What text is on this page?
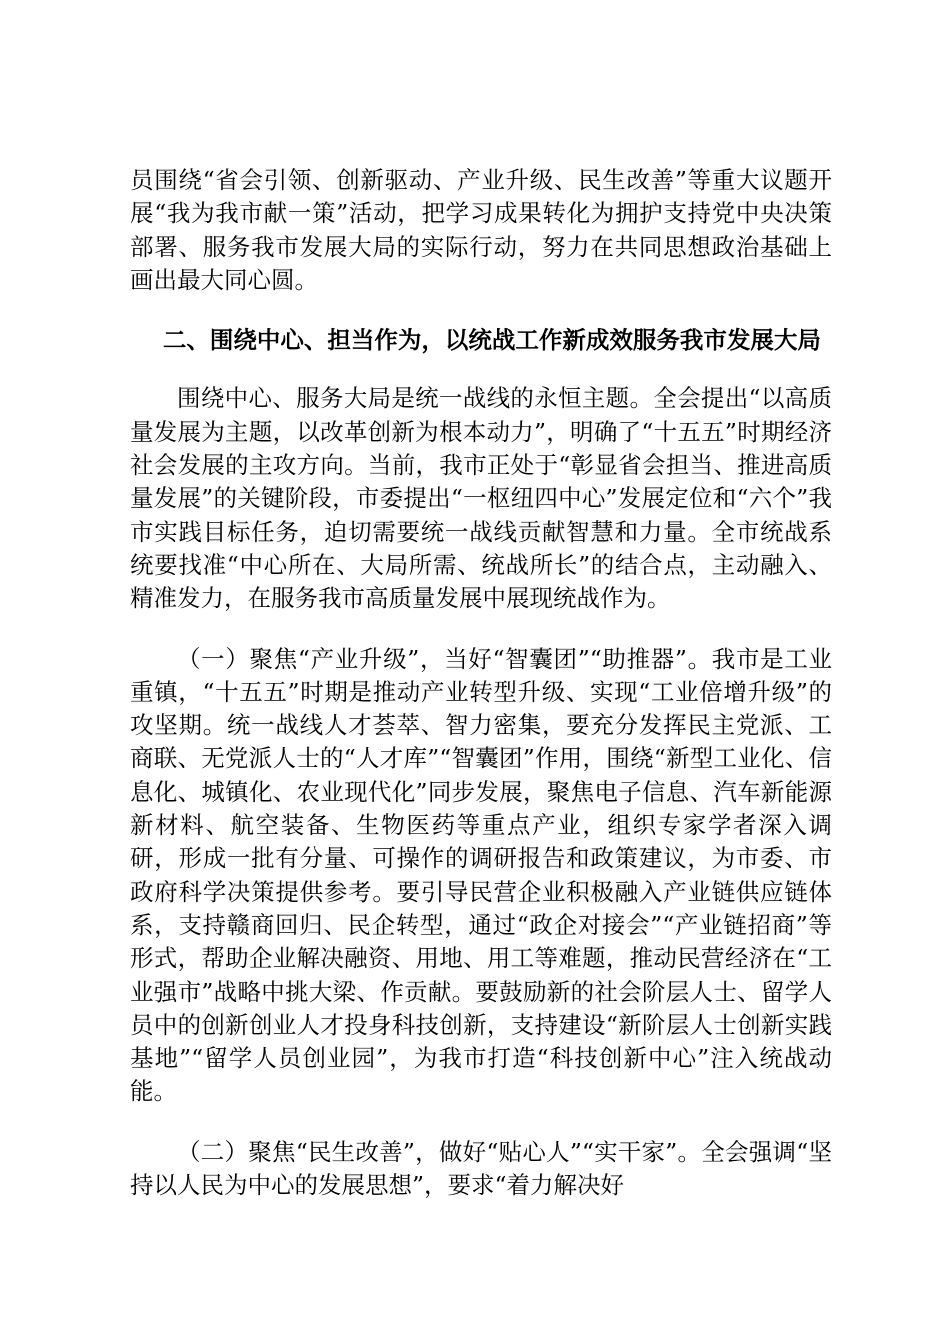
员围绕“省会引领、创新驱动、产业升级、民生改善”等重大议题开展“我为我市献一策”活动，把学习成果转化为拥护支持党中央决策部署、服务我市发展大局的实际行动，努力在共同思想政治基础上画出最大同心圆。

二、围绕中心、担当作为，以统战工作新成效服务我市发展大局

围绕中心、服务大局是统一战线的永恒主题。全会提出“以高质量发展为主题，以改革创新为根本动力”，明确了“十五五”时期经济社会发展的主攻方向。当前，我市正处于“彰显省会担当、推进高质量发展”的关键阶段，市委提出“一枢纽四中心”发展定位和“六个”我市实践目标任务，迫切需要统一战线贡献智慧和力量。全市统战系统要找准“中心所在、大局所需、统战所长”的结合点，主动融入、精准发力，在服务我市高质量发展中展现统战作为。

（一）聚焦“产业升级”，当好“智囊团”“助推器”。我市是工业重镇，“十五五”时期是推动产业转型升级、实现“工业倍增升级”的攻坚期。统一战线人才荟萃、智力密集，要充分发挥民主党派、工商联、无党派人士的“人才库”“智囊团”作用，围绕“新型工业化、信息化、城镇化、农业现代化”同步发展，聚焦电子信息、汽车新能源新材料、航空装备、生物医药等重点产业，组织专家学者深入调研，形成一批有分量、可操作的调研报告和政策建议，为市委、市政府科学决策提供参考。要引导民营企业积极融入产业链供应链体系，支持赣商回归、民企转型，通过“政企对接会”“产业链招商”等形式，帮助企业解决融资、用地、用工等难题，推动民营经济在“工业强市”战略中挑大梁、作贡献。要鼓励新的社会阶层人士、留学人员中的创新创业人才投身科技创新，支持建设“新阶层人士创新实践基地”“留学人员创业园”，为我市打造“科技创新中心”注入统战动能。

（二）聚焦“民生改善”，做好“贴心人”“实干家”。全会强调“坚持以人民为中心的发展思想”，要求“着力解决好
